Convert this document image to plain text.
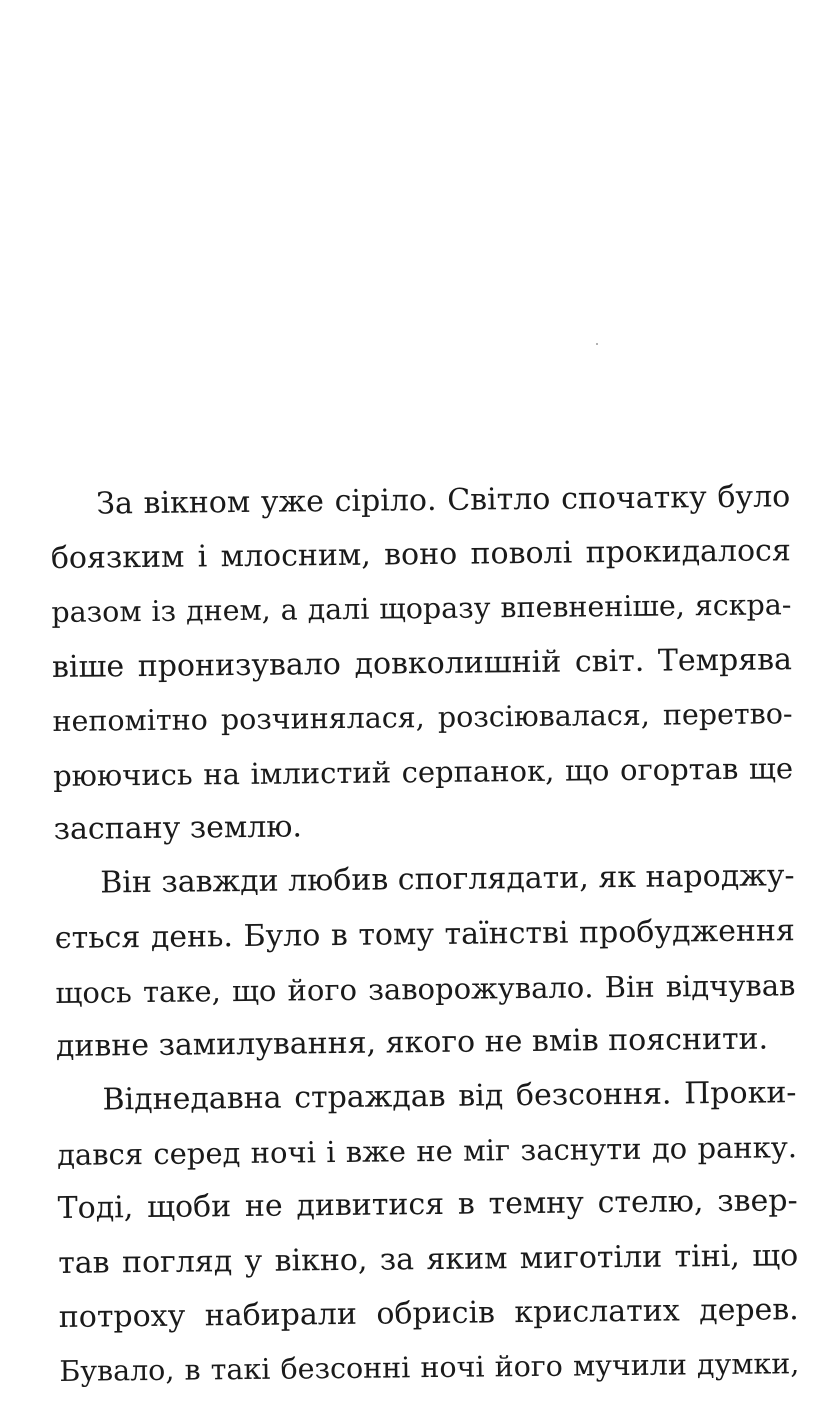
За вікном уже сіріло. Світло спочатку було
боязким і млосним, воно поволі прокидалося
разом із днем, а далі щоразу впевненіше, яскра-
віше пронизувало довколишній світ. Темрява
непомітно розчинялася, розсіювалася, перетво-
рюючись на імлистий серпанок, що огортав ще
заспану землю.
Він завжди любив споглядати, як народжу-
ється день. Було в тому таїнстві пробудження
щось таке, що його заворожувало. Він відчував
дивне замилування, якого не вмів пояснити.
Віднедавна страждав від безсоння. Проки-
дався серед ночі і вже не міг заснути до ранку.
Тоді, щоби не дивитися в темну стелю, звер-
тав погляд у вікно, за яким миготіли тіні, що
потроху набирали обрисів крислатих дерев.
Бувало, в такі безсонні ночі його мучили думки,
